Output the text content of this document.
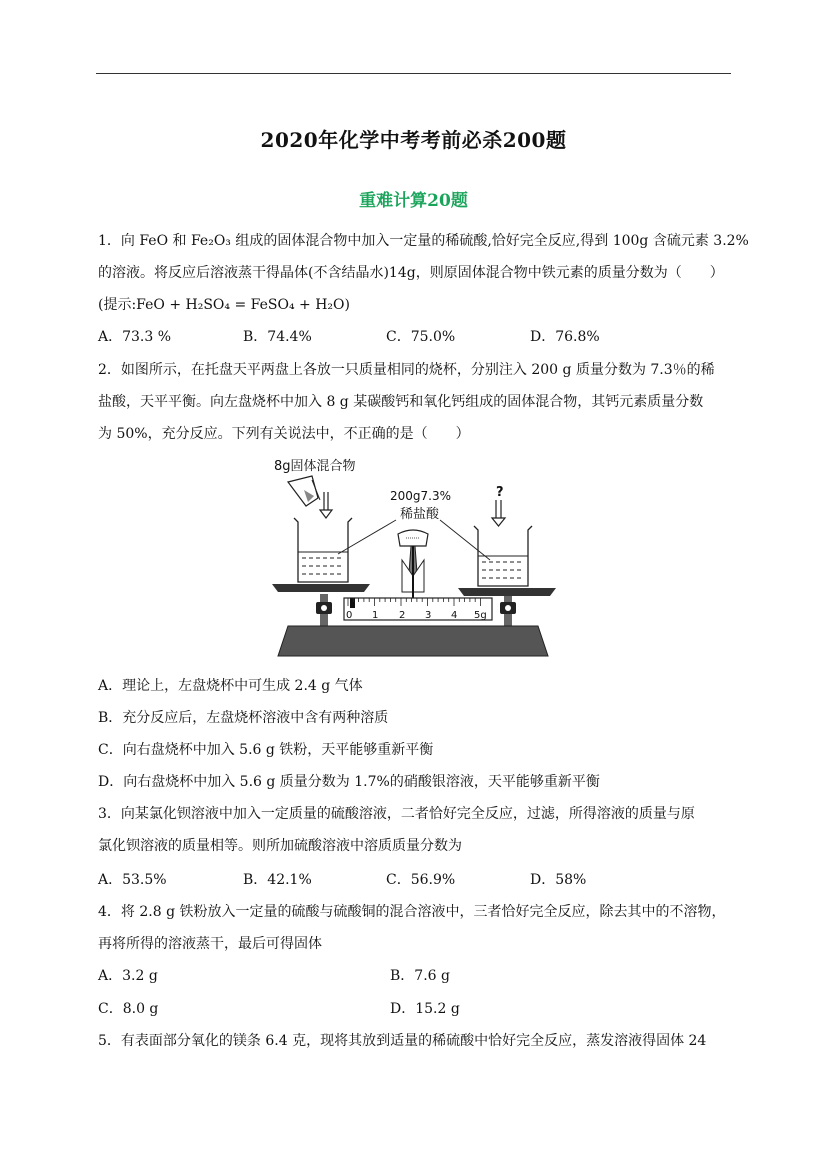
2020年化学中考考前必杀200题
重难计算20题
1．向 FeO 和 Fe₂O₃ 组成的固体混合物中加入一定量的稀硫酸,恰好完全反应,得到 100g 含硫元素 3.2%
的溶液。将反应后溶液蒸干得晶体(不含结晶水)14g，则原固体混合物中铁元素的质量分数为（　　）
(提示:FeO + H₂SO₄ = FeSO₄ + H₂O)
A．73.3 %	B．74.4%	C．75.0%	D．76.8%
2．如图所示，在托盘天平两盘上各放一只质量相同的烧杯，分别注入 200 g 质量分数为 7.3％的稀
盐酸，天平平衡。向左盘烧杯中加入 8 g 某碳酸钙和氧化钙组成的固体混合物，其钙元素质量分数
为 50%，充分反应。下列有关说法中，不正确的是（　　）
8g固体混合物
200g7.3%
稀盐酸
?
0 1 2 3 4 5g
A．理论上，左盘烧杯中可生成 2.4 g 气体
B．充分反应后，左盘烧杯溶液中含有两种溶质
C．向右盘烧杯中加入 5.6 g 铁粉，天平能够重新平衡
D．向右盘烧杯中加入 5.6 g 质量分数为 1.7%的硝酸银溶液，天平能够重新平衡
3．向某氯化钡溶液中加入一定质量的硫酸溶液，二者恰好完全反应，过滤，所得溶液的质量与原
氯化钡溶液的质量相等。则所加硫酸溶液中溶质质量分数为
A．53.5%	B．42.1%	C．56.9%	D．58%
4．将 2.8 g 铁粉放入一定量的硫酸与硫酸铜的混合溶液中，三者恰好完全反应，除去其中的不溶物，
再将所得的溶液蒸干，最后可得固体
A．3.2 g	B．7.6 g
C．8.0 g	D．15.2 g
5．有表面部分氧化的镁条 6.4 克，现将其放到适量的稀硫酸中恰好完全反应，蒸发溶液得固体 24
